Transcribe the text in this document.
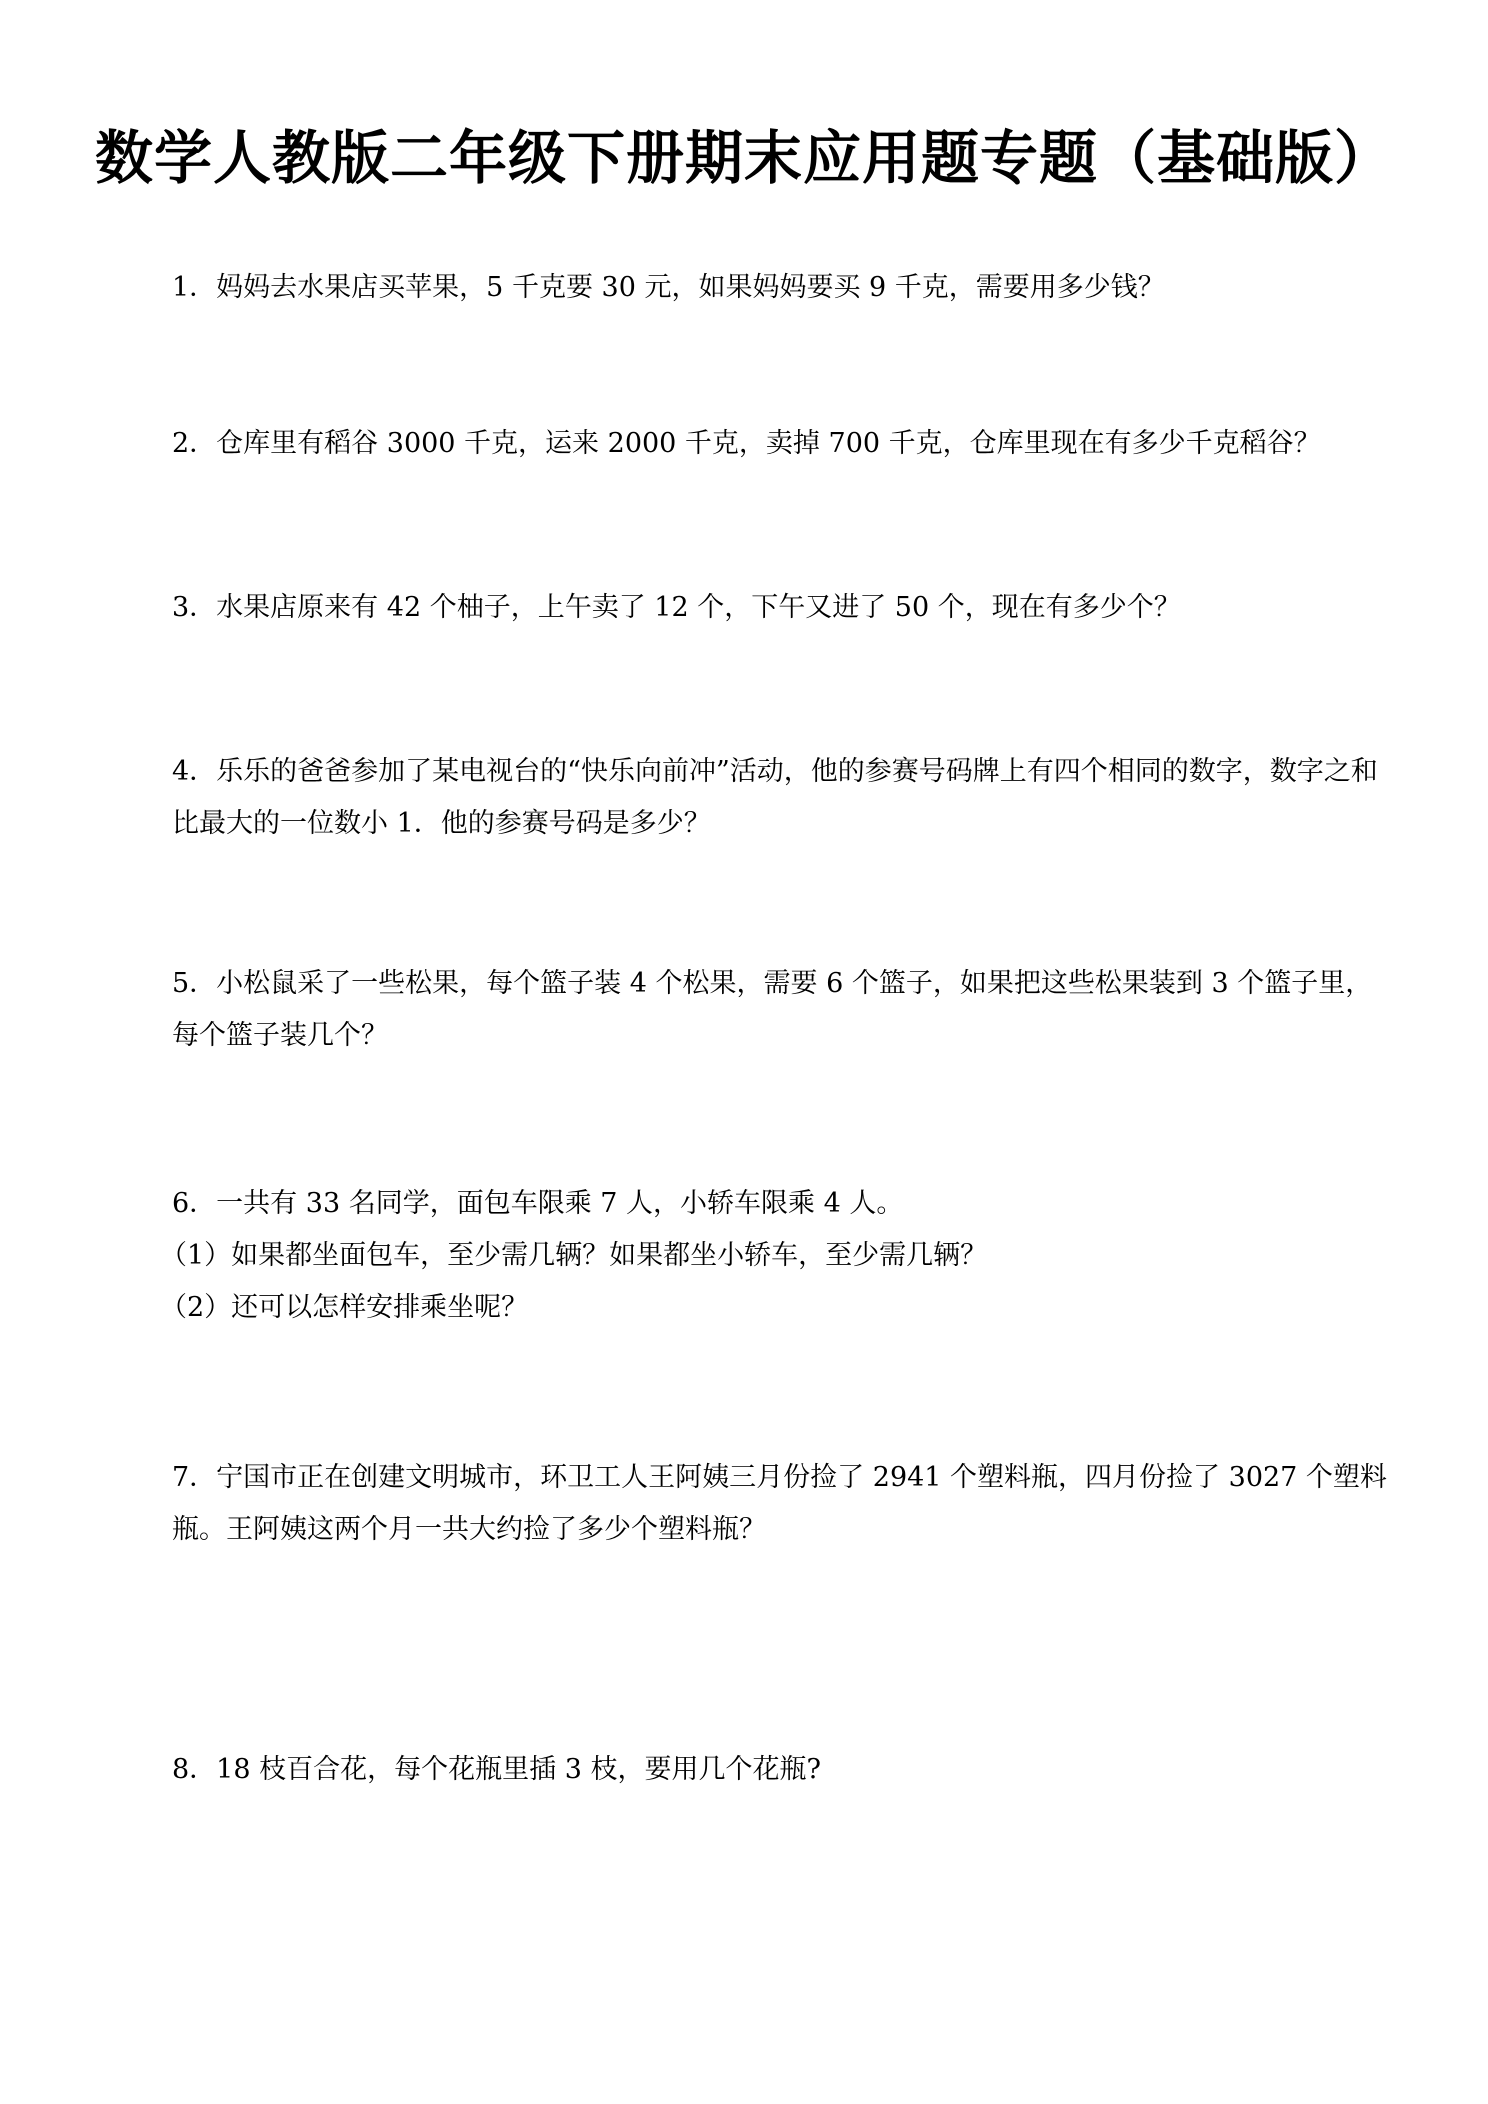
数学人教版二年级下册期末应用题专题（基础版）

1．妈妈去水果店买苹果，5 千克要 30 元，如果妈妈要买 9 千克，需要用多少钱？

2．仓库里有稻谷 3000 千克，运来 2000 千克，卖掉 700 千克，仓库里现在有多少千克稻谷？

3．水果店原来有 42 个柚子，上午卖了 12 个，下午又进了 50 个，现在有多少个？

4．乐乐的爸爸参加了某电视台的“快乐向前冲”活动，他的参赛号码牌上有四个相同的数字，数字之和比最大的一位数小 1．他的参赛号码是多少？

5．小松鼠采了一些松果，每个篮子装 4 个松果，需要 6 个篮子，如果把这些松果装到 3 个篮子里，每个篮子装几个？

6．一共有 33 名同学，面包车限乘 7 人，小轿车限乘 4 人。

（1）如果都坐面包车，至少需几辆？如果都坐小轿车，至少需几辆？

（2）还可以怎样安排乘坐呢？

7．宁国市正在创建文明城市，环卫工人王阿姨三月份捡了 2941 个塑料瓶，四月份捡了 3027 个塑料瓶。王阿姨这两个月一共大约捡了多少个塑料瓶？

8．18 枝百合花，每个花瓶里插 3 枝，要用几个花瓶?
